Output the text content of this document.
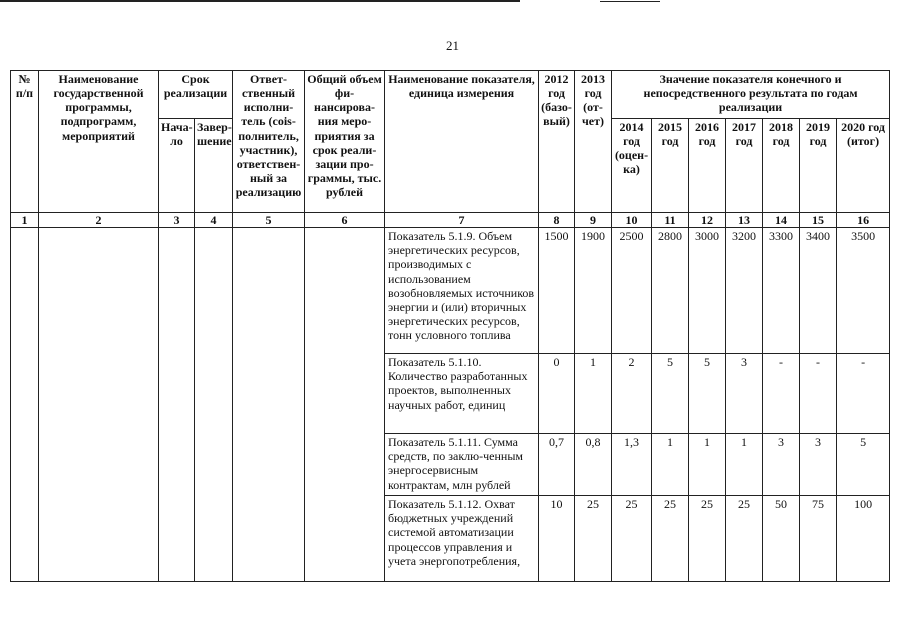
21
№ п/п	Наименование государственной программы, подпрограмм, мероприятий	Срок реализации		Ответ-ственный исполни-тель (сois-полнитель, участник), ответствен-ный за реализацию	Общий объем фи-нансирова-ния меро-приятия за срок реали-зации про-граммы, тыс. рублей	Наименование показателя, единица измерения	2012 год (базо-вый)	2013 год (от-чет)	Значение показателя конечного и непосредственного результата по годам реализации						
		Нача-ло	Завер-шение						2014 год (оцен-ка)	2015 год	2016 год	2017 год	2018 год	2019 год	2020 год (итог)
1	2	3	4	5	6	7	8	9	10	11	12	13	14	15	16
						Показатель 5.1.9. Объем энергетических ресурсов, производимых с использованием возобновляемых источников энергии и (или) вторичных энергетических ресурсов, тонн условного топлива	1500	1900	2500	2800	3000	3200	3300	3400	3500
						Показатель 5.1.10. Количество разработанных проектов, выполненных научных работ, единиц	0	1	2	5	5	3	-	-	-
						Показатель 5.1.11. Сумма средств, по заклю-ченным энергосервисным контрактам, млн рублей	0,7	0,8	1,3	1	1	1	3	3	5
						Показатель 5.1.12. Охват бюджетных учреждений системой автоматизации процессов управления и учета энергопотребления,	10	25	25	25	25	25	50	75	100
